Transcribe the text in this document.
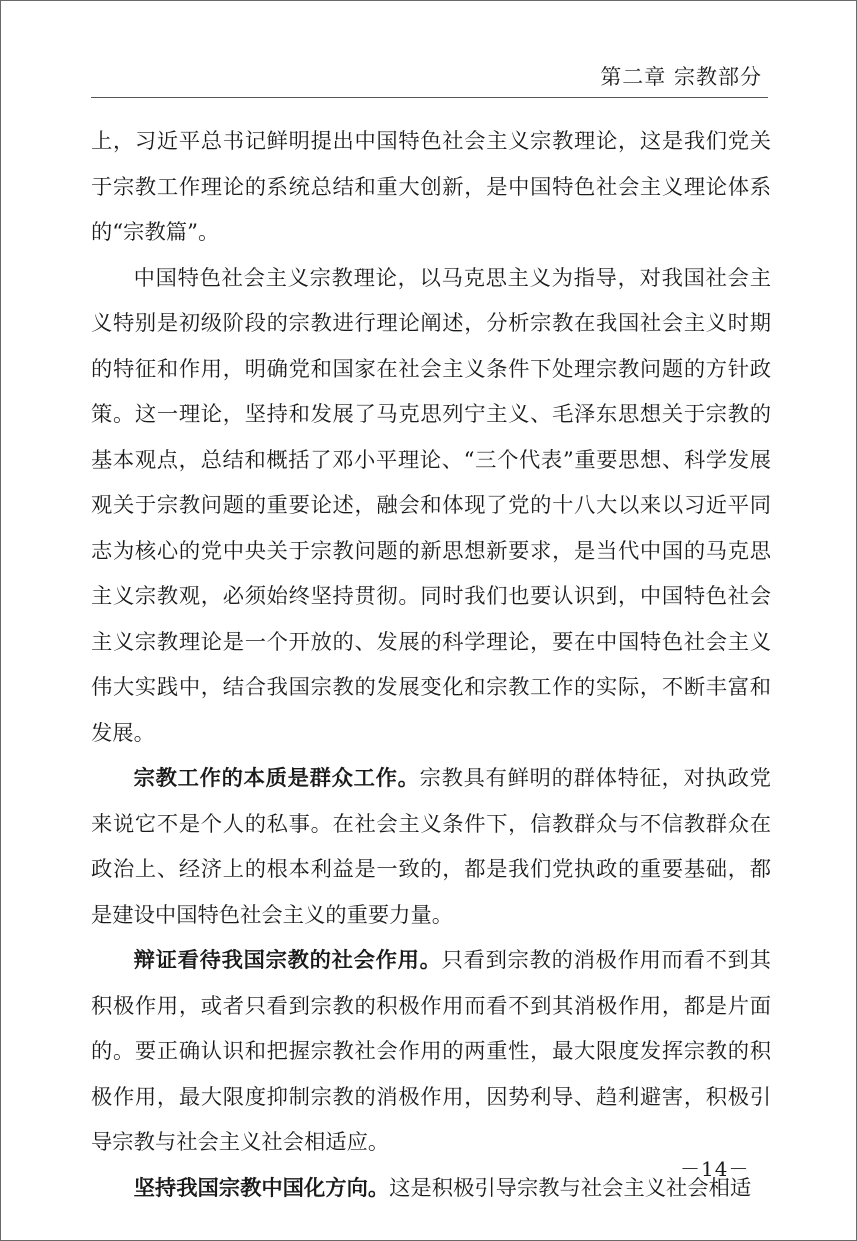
第二章 宗教部分

上，习近平总书记鲜明提出中国特色社会主义宗教理论，这是我们党关于宗教工作理论的系统总结和重大创新，是中国特色社会主义理论体系的“宗教篇”。

中国特色社会主义宗教理论，以马克思主义为指导，对我国社会主义特别是初级阶段的宗教进行理论阐述，分析宗教在我国社会主义时期的特征和作用，明确党和国家在社会主义条件下处理宗教问题的方针政策。这一理论，坚持和发展了马克思列宁主义、毛泽东思想关于宗教的基本观点，总结和概括了邓小平理论、“三个代表”重要思想、科学发展观关于宗教问题的重要论述，融会和体现了党的十八大以来以习近平同志为核心的党中央关于宗教问题的新思想新要求，是当代中国的马克思主义宗教观，必须始终坚持贯彻。同时我们也要认识到，中国特色社会主义宗教理论是一个开放的、发展的科学理论，要在中国特色社会主义伟大实践中，结合我国宗教的发展变化和宗教工作的实际，不断丰富和发展。

宗教工作的本质是群众工作。宗教具有鲜明的群体特征，对执政党来说它不是个人的私事。在社会主义条件下，信教群众与不信教群众在政治上、经济上的根本利益是一致的，都是我们党执政的重要基础，都是建设中国特色社会主义的重要力量。

辩证看待我国宗教的社会作用。只看到宗教的消极作用而看不到其积极作用，或者只看到宗教的积极作用而看不到其消极作用，都是片面的。要正确认识和把握宗教社会作用的两重性，最大限度发挥宗教的积极作用，最大限度抑制宗教的消极作用，因势利导、趋利避害，积极引导宗教与社会主义社会相适应。

坚持我国宗教中国化方向。这是积极引导宗教与社会主义社会相适

－14－
